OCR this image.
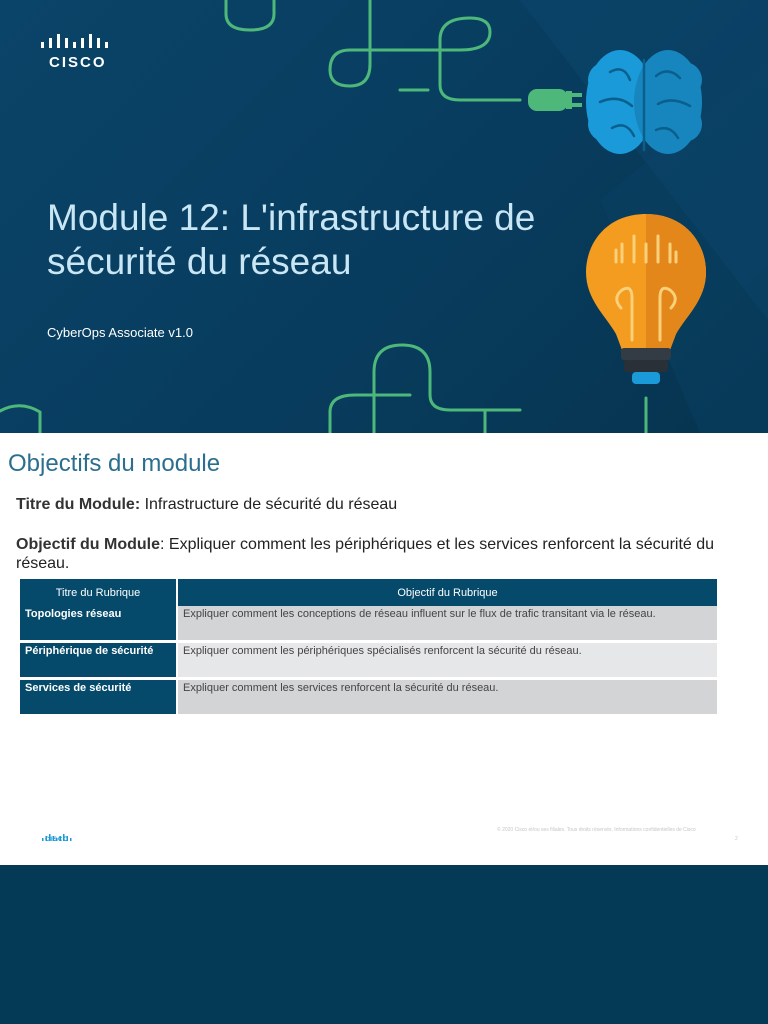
CISCO
Module 12: L'infrastructure de sécurité du réseau
CyberOps Associate v1.0
Objectifs du module
Titre du Module: Infrastructure de sécurité du réseau
Objectif du Module: Expliquer comment les périphériques et les services renforcent la sécurité du réseau.
Titre du Rubrique	Objectif du Rubrique
Topologies réseau	Expliquer comment les conceptions de réseau influent sur le flux de trafic transitant via le réseau.
Périphérique de sécurité	Expliquer comment les périphériques spécialisés renforcent la sécurité du réseau.
Services de sécurité	Expliquer comment les services renforcent la sécurité du réseau.
CISCO
© 2020 Cisco et/ou ses filiales. Tous droits réservés. Informations confidentielles de Cisco
2
